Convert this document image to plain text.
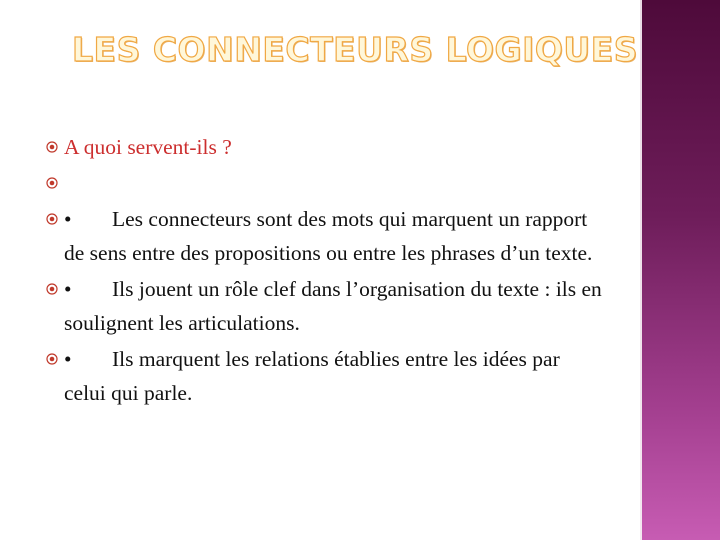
LES CONNECTEURS LOGIQUES
A quoi servent-ils ?
• Les connecteurs sont des mots qui marquent un rapport de sens entre des propositions ou entre les phrases d’un texte.
• Ils jouent un rôle clef dans l’organisation du texte : ils en soulignent les articulations.
• Ils marquent les relations établies entre les idées par celui qui parle.
